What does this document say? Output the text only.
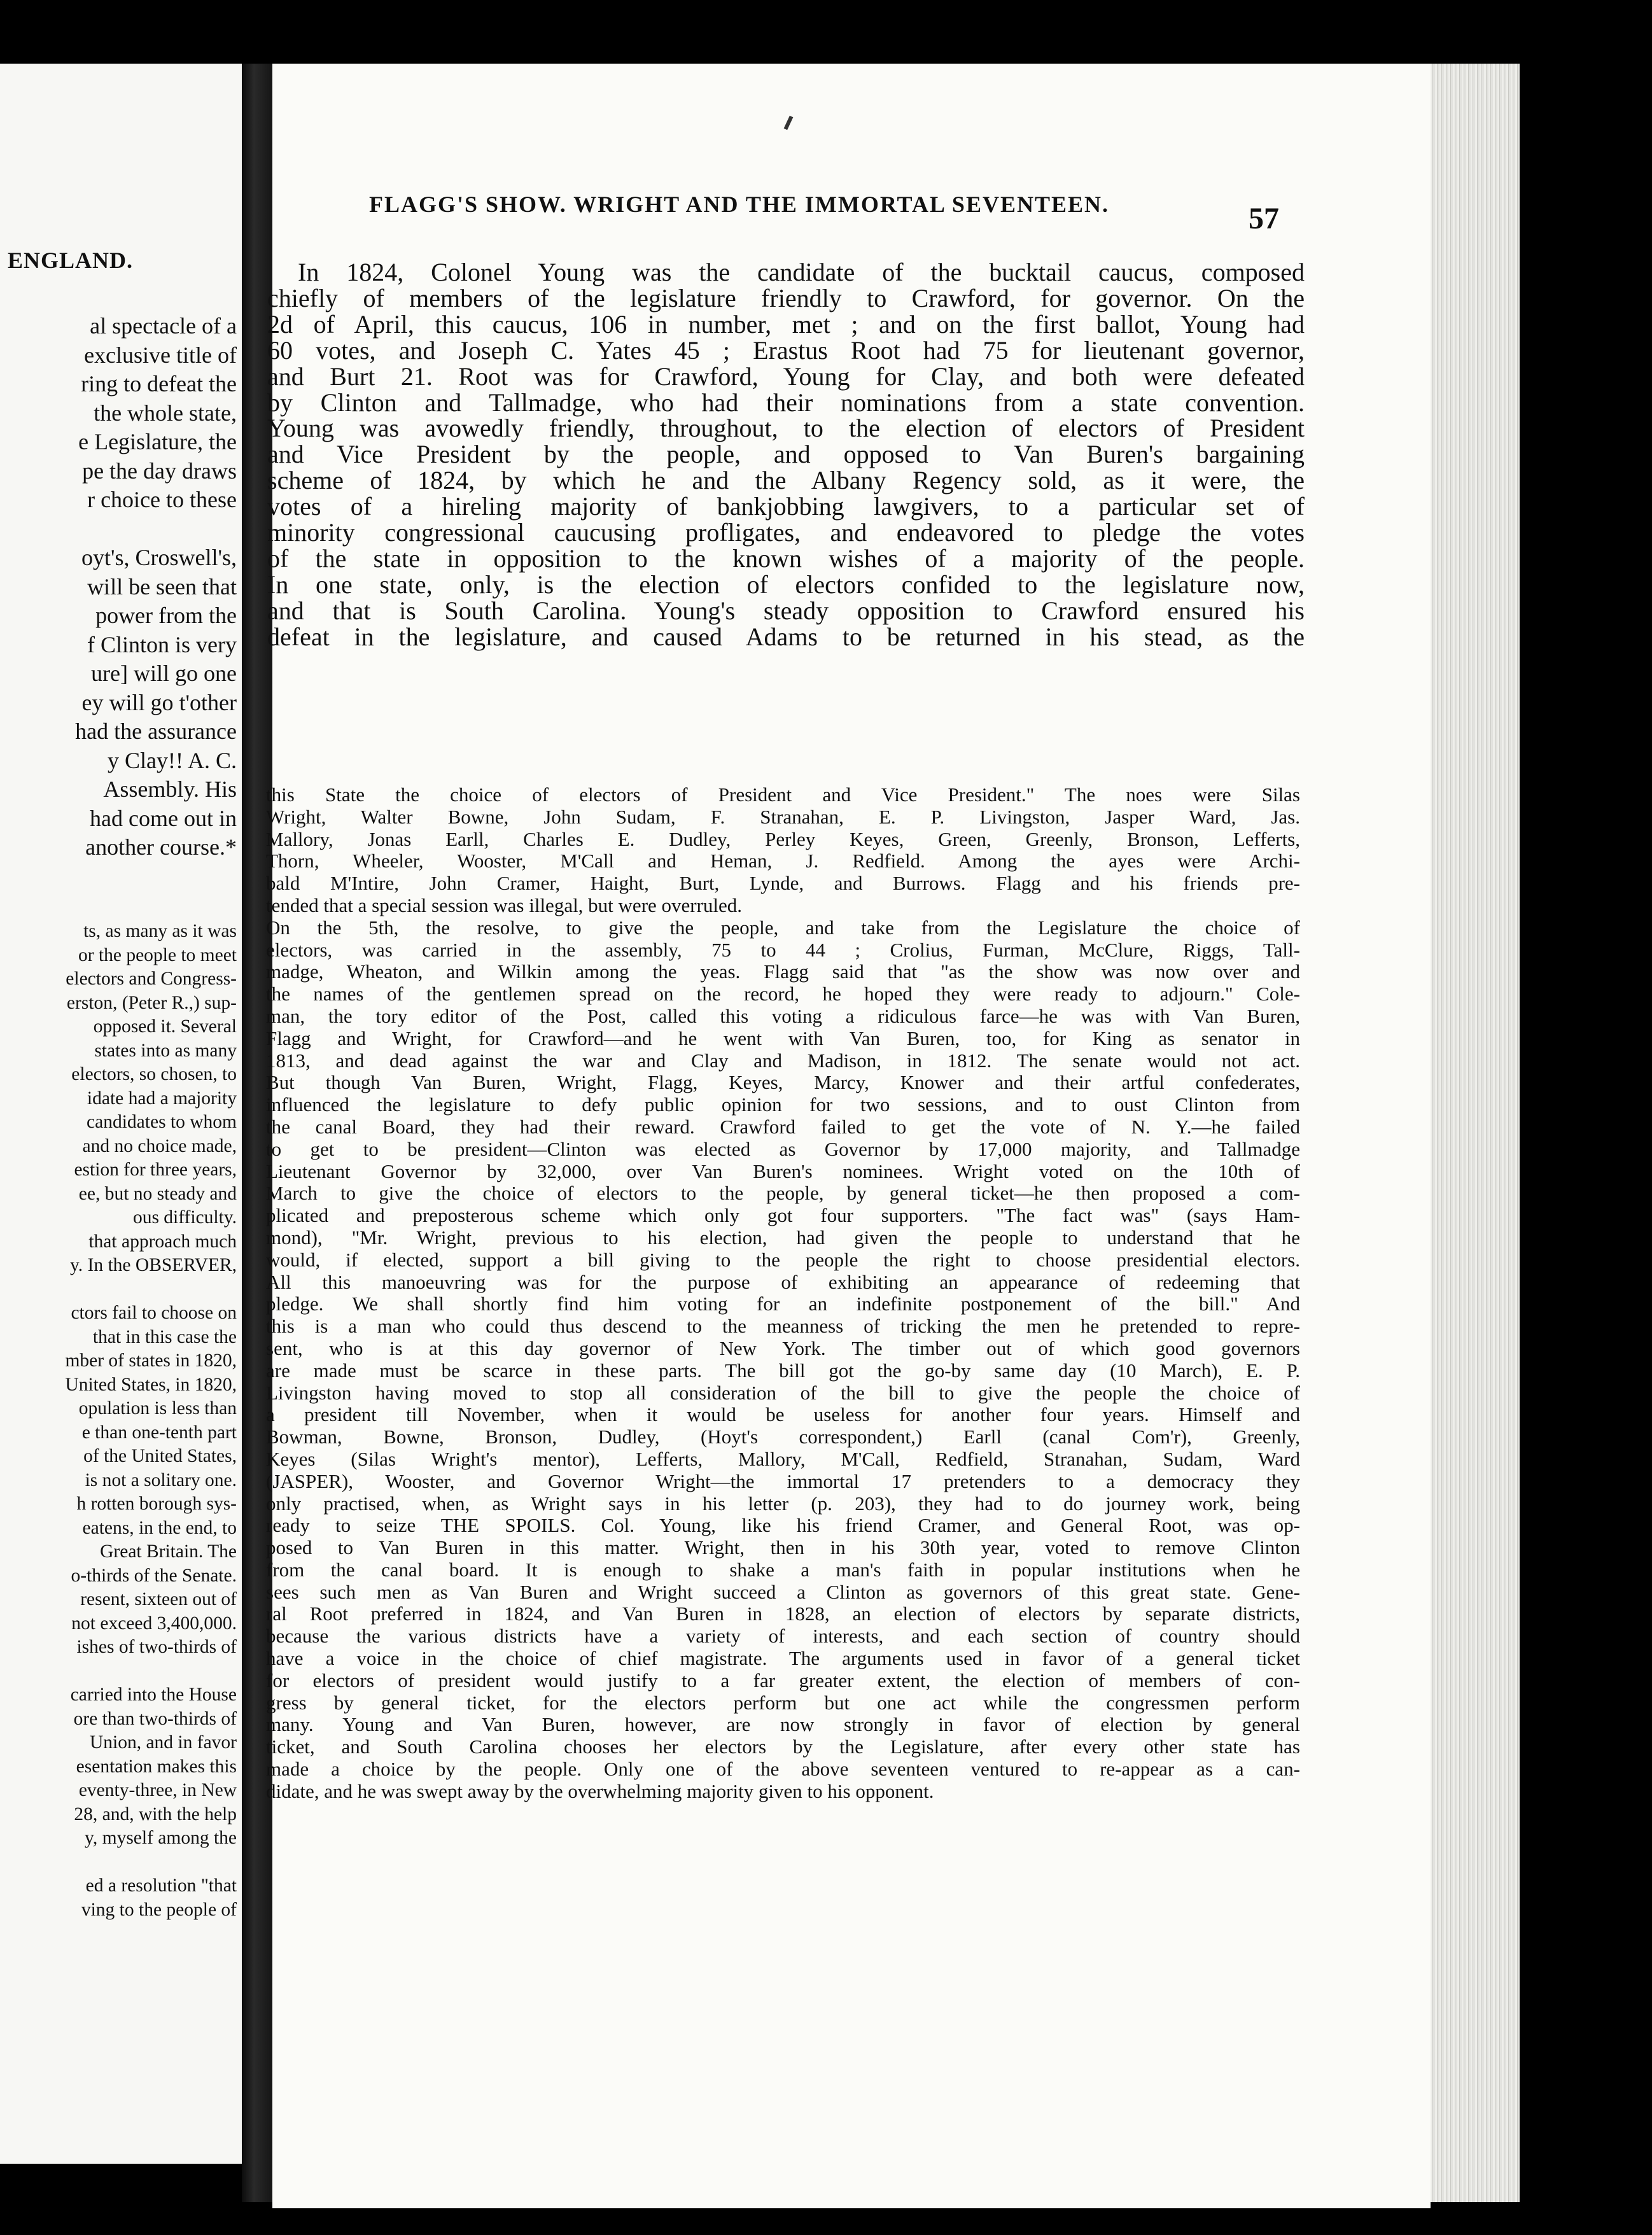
ENGLAND.
al spectacle of a
exclusive title of
ring to defeat the
the whole state,
e Legislature, the
pe the day draws
r choice to these

oyt's, Croswell's,
will be seen that
power from the
f Clinton is very
ure] will go one
ey will go t'other
had the assurance
y Clay!! A. C.
Assembly. His
had come out in
another course.*
ts, as many as it was
or the people to meet
electors and Congress-
erston, (Peter R.,) sup-
opposed it. Several
states into as many
electors, so chosen, to
idate had a majority
candidates to whom
and no choice made,
estion for three years,
ee, but no steady and
ous difficulty.
that approach much
y. In the OBSERVER,

ctors fail to choose on
that in this case the
mber of states in 1820,
United States, in 1820,
opulation is less than
e than one-tenth part
of the United States,
is not a solitary one.
h rotten borough sys-
eatens, in the end, to
Great Britain. The
o-thirds of the Senate.
resent, sixteen out of
not exceed 3,400,000.
ishes of two-thirds of

carried into the House
ore than two-thirds of
Union, and in favor
esentation makes this
eventy-three, in New
28, and, with the help
y, myself among the

ed a resolution "that
ving to the people of
FLAGG'S SHOW. WRIGHT AND THE IMMORTAL SEVENTEEN.	57
In 1824, Colonel Young was the candidate of the bucktail caucus, composed
chiefly of members of the legislature friendly to Crawford, for governor. On the
2d of April, this caucus, 106 in number, met ; and on the first ballot, Young had
60 votes, and Joseph C. Yates 45 ; Erastus Root had 75 for lieutenant governor,
and Burt 21. Root was for Crawford, Young for Clay, and both were defeated
by Clinton and Tallmadge, who had their nominations from a state convention.
Young was avowedly friendly, throughout, to the election of electors of President
and Vice President by the people, and opposed to Van Buren's bargaining
scheme of 1824, by which he and the Albany Regency sold, as it were, the
votes of a hireling majority of bankjobbing lawgivers, to a particular set of
minority congressional caucusing profligates, and endeavored to pledge the votes
of the state in opposition to the known wishes of a majority of the people.
In one state, only, is the election of electors confided to the legislature now,
and that is South Carolina. Young's steady opposition to Crawford ensured his
defeat in the legislature, and caused Adams to be returned in his stead, as the
this State the choice of electors of President and Vice President." The noes were Silas
Wright, Walter Bowne, John Sudam, F. Stranahan, E. P. Livingston, Jasper Ward, Jas.
Mallory, Jonas Earll, Charles E. Dudley, Perley Keyes, Green, Greenly, Bronson, Lefferts,
Thorn, Wheeler, Wooster, M'Call and Heman, J. Redfield. Among the ayes were Archi-
bald M'Intire, John Cramer, Haight, Burt, Lynde, and Burrows. Flagg and his friends pre-
tended that a special session was illegal, but were overruled.
On the 5th, the resolve, to give the people, and take from the Legislature the choice of
electors, was carried in the assembly, 75 to 44 ; Crolius, Furman, McClure, Riggs, Tall-
madge, Wheaton, and Wilkin among the yeas. Flagg said that "as the show was now over and
the names of the gentlemen spread on the record, he hoped they were ready to adjourn." Cole-
man, the tory editor of the Post, called this voting a ridiculous farce—he was with Van Buren,
Flagg and Wright, for Crawford—and he went with Van Buren, too, for King as senator in
1813, and dead against the war and Clay and Madison, in 1812. The senate would not act.
But though Van Buren, Wright, Flagg, Keyes, Marcy, Knower and their artful confederates,
influenced the legislature to defy public opinion for two sessions, and to oust Clinton from
the canal Board, they had their reward. Crawford failed to get the vote of N. Y.—he failed
to get to be president—Clinton was elected as Governor by 17,000 majority, and Tallmadge
Lieutenant Governor by 32,000, over Van Buren's nominees. Wright voted on the 10th of
March to give the choice of electors to the people, by general ticket—he then proposed a com-
plicated and preposterous scheme which only got four supporters. "The fact was" (says Ham-
mond), "Mr. Wright, previous to his election, had given the people to understand that he
would, if elected, support a bill giving to the people the right to choose presidential electors.
All this manoeuvring was for the purpose of exhibiting an appearance of redeeming that
pledge. We shall shortly find him voting for an indefinite postponement of the bill." And
this is a man who could thus descend to the meanness of tricking the men he pretended to repre-
sent, who is at this day governor of New York. The timber out of which good governors
are made must be scarce in these parts. The bill got the go-by same day (10 March), E. P.
Livingston having moved to stop all consideration of the bill to give the people the choice of
a president till November, when it would be useless for another four years. Himself and
Bowman, Bowne, Bronson, Dudley, (Hoyt's correspondent,) Earll (canal Com'r), Greenly,
Keyes (Silas Wright's mentor), Lefferts, Mallory, M'Call, Redfield, Stranahan, Sudam, Ward
(JASPER), Wooster, and Governor Wright—the immortal 17 pretenders to a democracy they
only practised, when, as Wright says in his letter (p. 203), they had to do journey work, being
ready to seize THE SPOILS. Col. Young, like his friend Cramer, and General Root, was op-
posed to Van Buren in this matter. Wright, then in his 30th year, voted to remove Clinton
from the canal board. It is enough to shake a man's faith in popular institutions when he
sees such men as Van Buren and Wright succeed a Clinton as governors of this great state. Gene-
ral Root preferred in 1824, and Van Buren in 1828, an election of electors by separate districts,
because the various districts have a variety of interests, and each section of country should
have a voice in the choice of chief magistrate. The arguments used in favor of a general ticket
for electors of president would justify to a far greater extent, the election of members of con-
gress by general ticket, for the electors perform but one act while the congressmen perform
many. Young and Van Buren, however, are now strongly in favor of election by general
ticket, and South Carolina chooses her electors by the Legislature, after every other state has
made a choice by the people. Only one of the above seventeen ventured to re-appear as a can-
didate, and he was swept away by the overwhelming majority given to his opponent.
